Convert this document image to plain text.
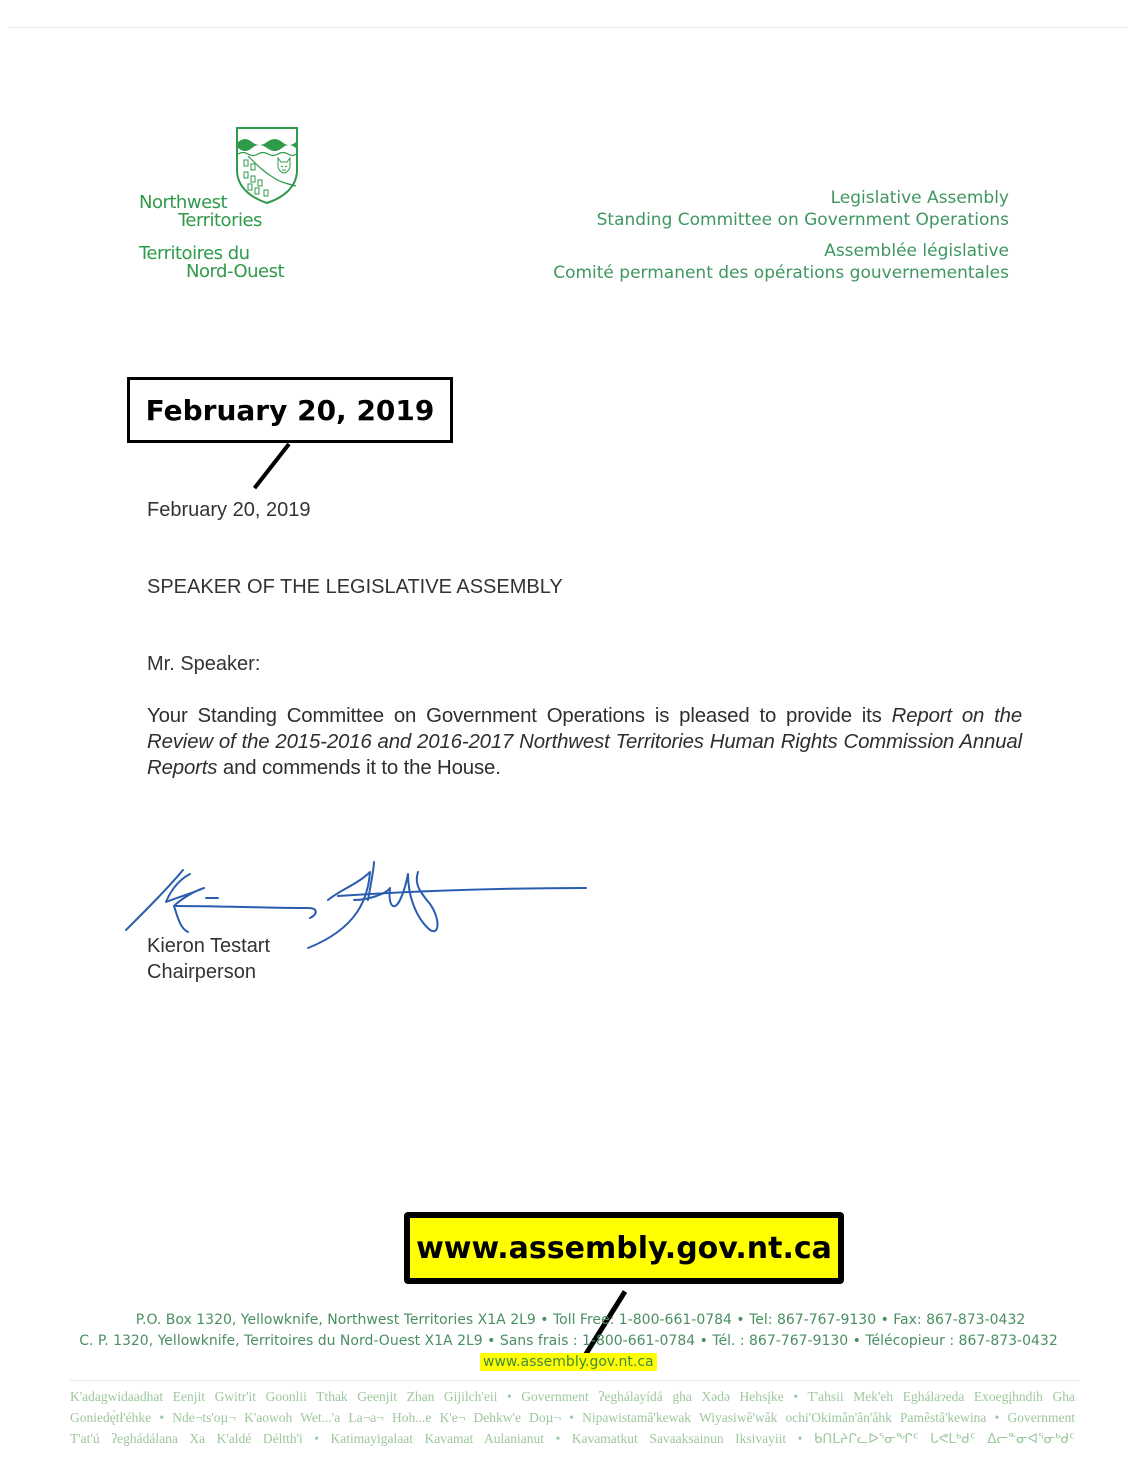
Northwest
Territories
Territoires du
Nord-Ouest
Legislative Assembly
Standing Committee on Government Operations
Assemblée législative
Comité permanent des opérations gouvernementales
February 20, 2019
February 20, 2019
SPEAKER OF THE LEGISLATIVE ASSEMBLY
Mr. Speaker:
Your Standing Committee on Government Operations is pleased to provide its Report on the Review of the 2015-2016 and 2016-2017 Northwest Territories Human Rights Commission Annual Reports and commends it to the House.
Kieron Testart
Chairperson
www.assembly.gov.nt.ca
P.O. Box 1320, Yellowknife, Northwest Territories X1A 2L9 • Toll Free: 1-800-661-0784 • Tel: 867-767-9130 • Fax: 867-873-0432
C. P. 1320, Yellowknife, Territoires du Nord-Ouest X1A 2L9 • Sans frais : 1-800-661-0784 • Tél. : 867-767-9130 • Télécopieur : 867-873-0432
www.assembly.gov.nt.ca
K'adagwidaadhat Eenjit Gwitr'it Goonlii Tthak Geenjit Zhan Gijilch'eii • Government ʔeghálayídá gha Xədə Hehsįke • T'ahsii Mek'eh Eghálaɂeda Exoegįhndih Gha
Goniedę́tł'éhke • Nde¬ts'oµ¬ K'aowoh Wet...'a La¬a¬ Hoh...e K'e¬ Dehkw'e Doµ¬ • Nipawistamâ'kewak Wiyasiwê'wâk ochi'Okimân'ân'âhk Pamêstâ'kewina • Government
T'at'ú ʔeghádálana Xa K'aldé Déltth'i • Katimayigalaat Kavamat Aulanianut • Kavamatkut Savaaksainun Iksivayiit • ᑲᑎᒪᔨᒋᓚᐅᕐᓂᖏᑦ ᒐᕙᒪᒃᑯᑦ ᐃᓕᓐᓂᐊᕐᓂᒃᑯᑦ
